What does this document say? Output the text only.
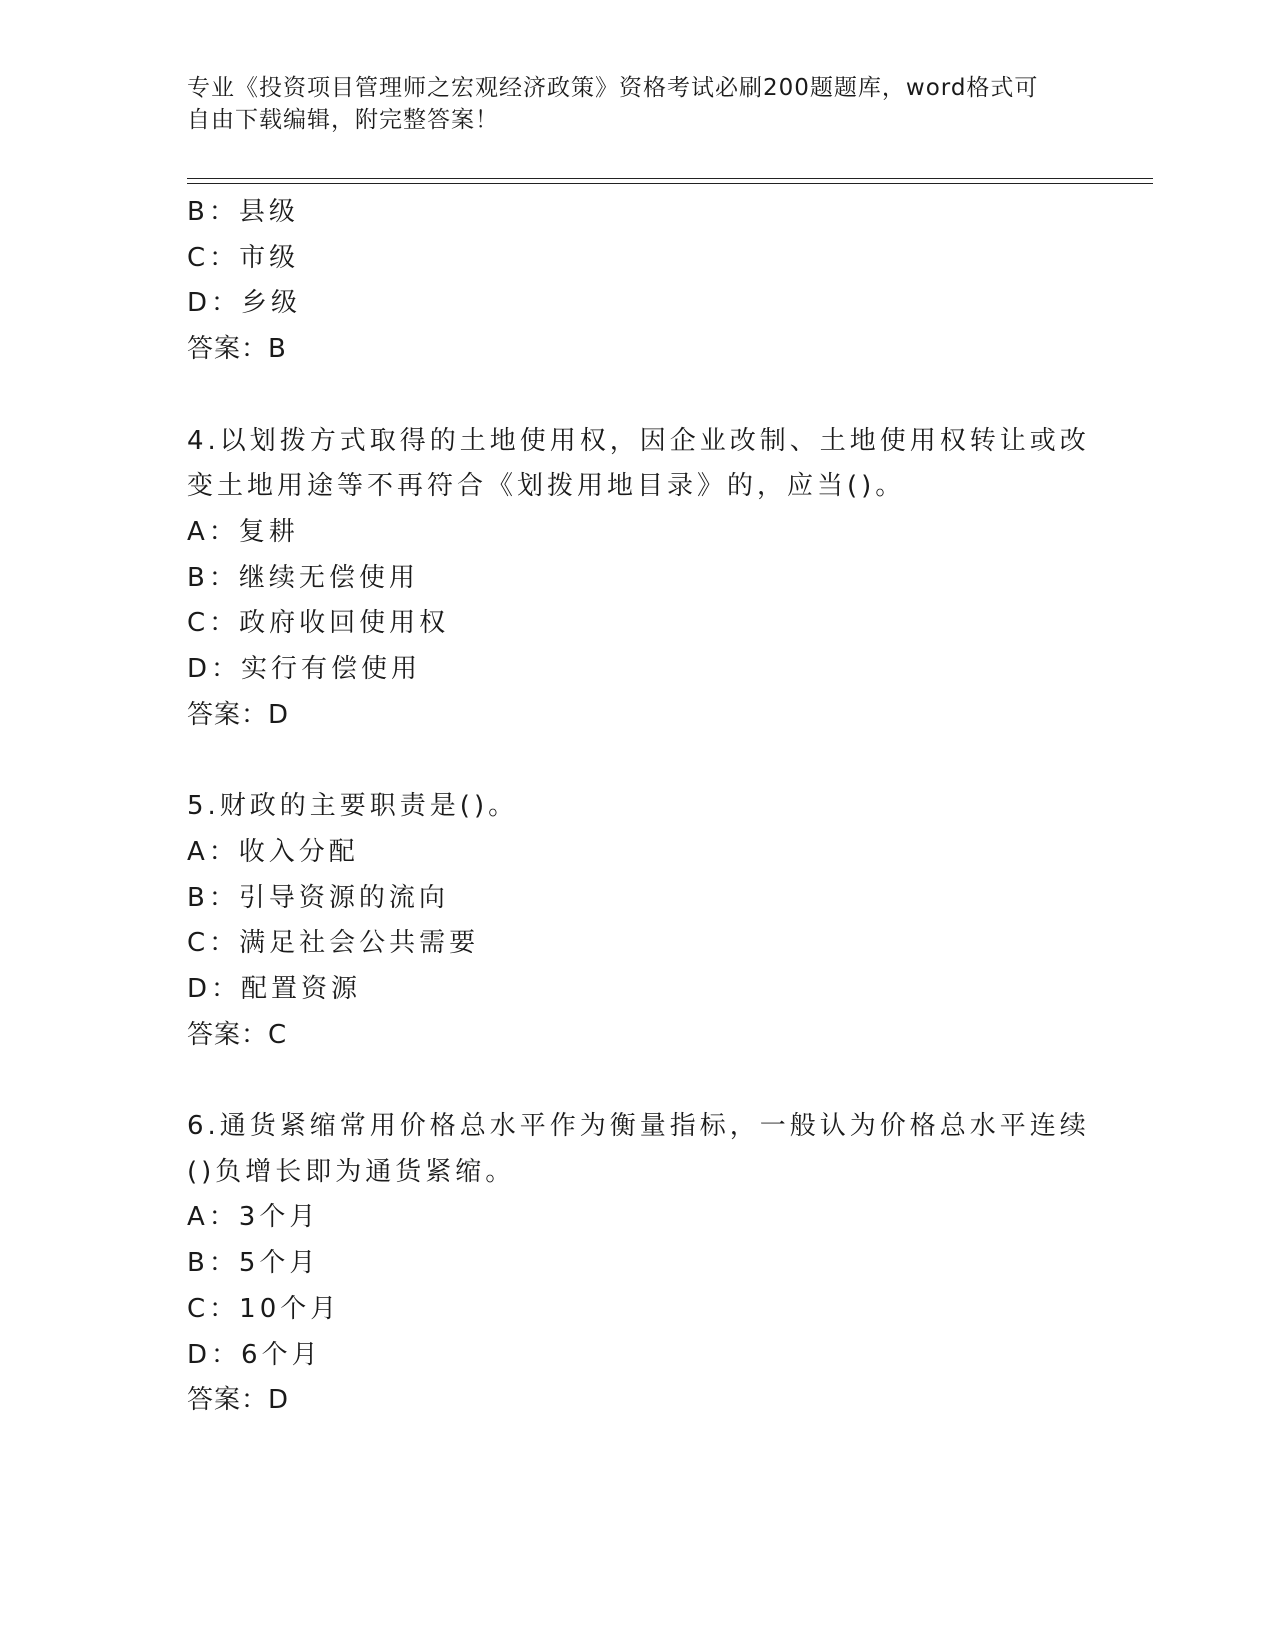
专业《投资项目管理师之宏观经济政策》资格考试必刷200题题库，word格式可
自由下载编辑，附完整答案！
B：县级
C：市级
D：乡级
答案：B
4.以划拨方式取得的土地使用权，因企业改制、土地使用权转让或改
变土地用途等不再符合《划拨用地目录》的，应当()。
A：复耕
B：继续无偿使用
C：政府收回使用权
D：实行有偿使用
答案：D
5.财政的主要职责是()。
A：收入分配
B：引导资源的流向
C：满足社会公共需要
D：配置资源
答案：C
6.通货紧缩常用价格总水平作为衡量指标，一般认为价格总水平连续
()负增长即为通货紧缩。
A：3个月
B：5个月
C：10个月
D：6个月
答案：D
